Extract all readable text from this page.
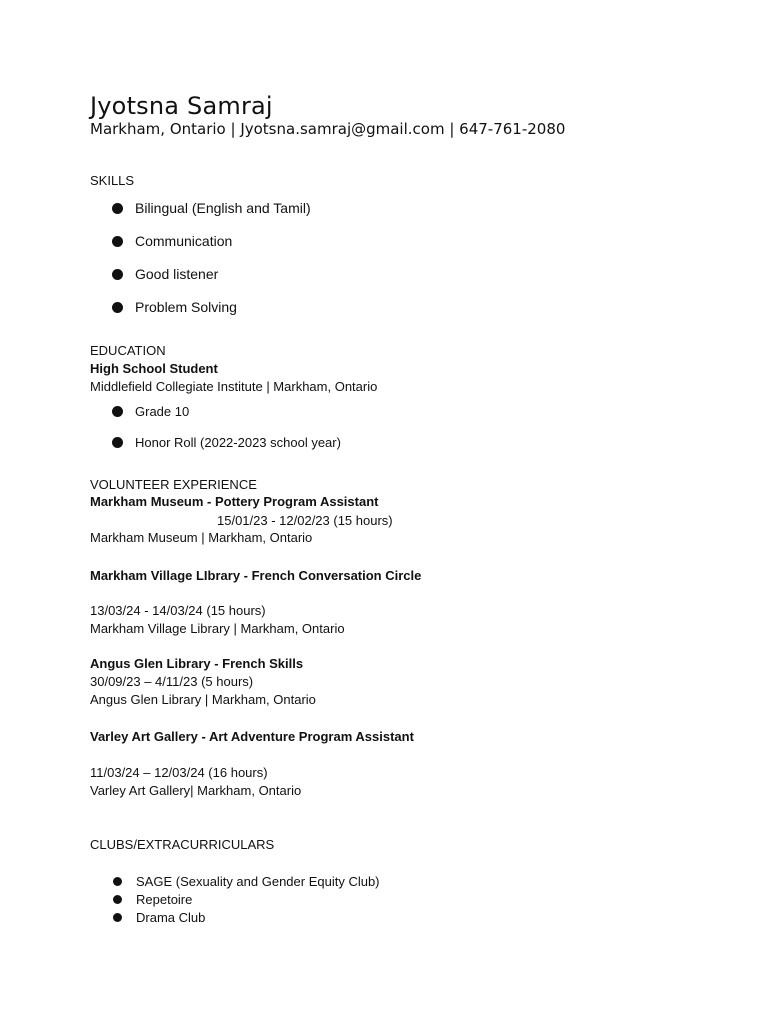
Jyotsna Samraj
Markham, Ontario | Jyotsna.samraj@gmail.com | 647-761-2080
SKILLS
Bilingual (English and Tamil)
Communication
Good listener
Problem Solving
EDUCATION
High School Student
Middlefield Collegiate Institute | Markham, Ontario
Grade 10
Honor Roll (2022-2023 school year)
VOLUNTEER EXPERIENCE
Markham Museum - Pottery Program Assistant
15/01/23 - 12/02/23 (15 hours)
Markham Museum | Markham, Ontario
Markham Village LIbrary - French Conversation Circle
13/03/24 - 14/03/24 (15 hours)
Markham Village Library | Markham, Ontario
Angus Glen Library - French Skills
30/09/23 – 4/11/23 (5 hours)
Angus Glen Library | Markham, Ontario
Varley Art Gallery - Art Adventure Program Assistant
11/03/24 – 12/03/24 (16 hours)
Varley Art Gallery| Markham, Ontario
CLUBS/EXTRACURRICULARS
SAGE (Sexuality and Gender Equity Club)
Repetoire
Drama Club
